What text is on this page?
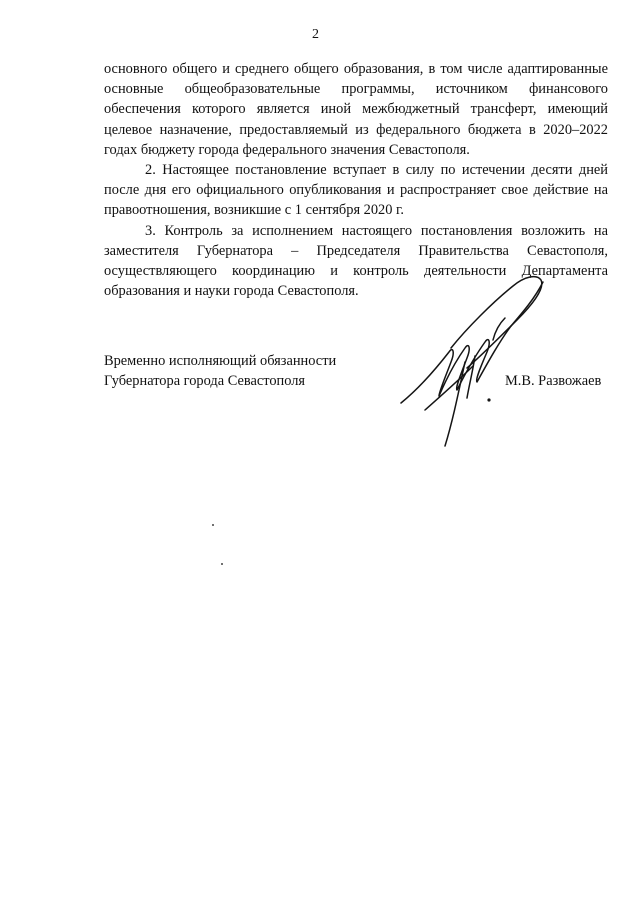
2

основного общего и среднего общего образования, в том числе адаптированные основные общеобразовательные программы, источником финансового обеспечения которого является иной межбюджетный трансферт, имеющий целевое назначение, предоставляемый из федерального бюджета в 2020–2022 годах бюджету города федерального значения Севастополя.

2. Настоящее постановление вступает в силу по истечении десяти дней после дня его официального опубликования и распространяет свое действие на правоотношения, возникшие с 1 сентября 2020 г.

3. Контроль за исполнением настоящего постановления возложить на заместителя Губернатора – Председателя Правительства Севастополя, осуществляющего координацию и контроль деятельности Департамента образования и науки города Севастополя.

Временно исполняющий обязанности
Губернатора города Севастополя	М.В. Развожаев
